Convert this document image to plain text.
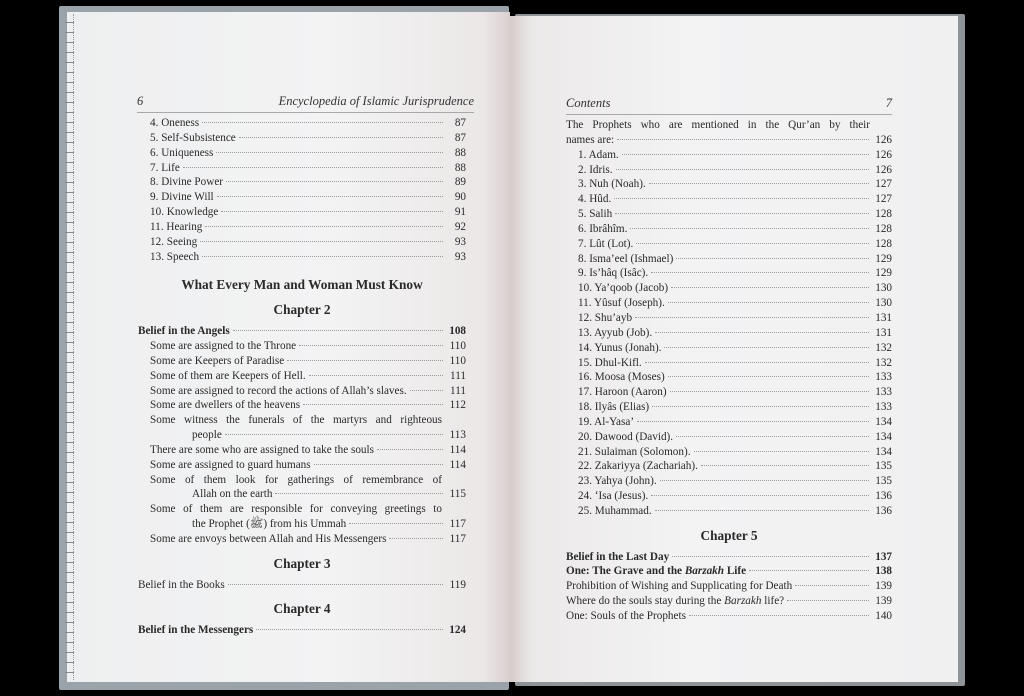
6	Encyclopedia of Islamic Jurisprudence
4. Oneness	87
5. Self-Subsistence	87
6. Uniqueness	88
7. Life	88
8. Divine Power	89
9. Divine Will	90
10. Knowledge	91
11. Hearing	92
12. Seeing	93
13. Speech	93
What Every Man and Woman Must Know
Chapter 2
Belief in the Angels	108
Some are assigned to the Throne	110
Some are Keepers of Paradise	110
Some of them are Keepers of Hell.	111
Some are assigned to record the actions of Allah’s slaves.	111
Some are dwellers of the heavens	112
Some witness the funerals of the martyrs and righteous
people	113
There are some who are assigned to take the souls	114
Some are assigned to guard humans	114
Some of them look for gatherings of remembrance of
Allah on the earth	115
Some of them are responsible for conveying greetings to
the Prophet (ﷺ) from his Ummah	117
Some are envoys between Allah and His Messengers	117
Chapter 3
Belief in the Books	119
Chapter 4
Belief in the Messengers	124
Contents	7
The Prophets who are mentioned in the Qur’an by their
names are:	126
1. Adam.	126
2. Idris.	126
3. Nuh (Noah).	127
4. Hûd.	127
5. Salih	128
6. Ibrâhîm.	128
7. Lût (Lot).	128
8. Isma’eel (Ishmael)	129
9. Is’hâq (Isâc).	129
10. Ya’qoob (Jacob)	130
11. Yûsuf (Joseph).	130
12. Shu’ayb	131
13. Ayyub (Job).	131
14. Yunus (Jonah).	132
15. Dhul-Kifl.	132
16. Moosa (Moses)	133
17. Haroon (Aaron)	133
18. Ilyâs (Elias)	133
19. Al-Yasa’	134
20. Dawood (David).	134
21. Sulaiman (Solomon).	134
22. Zakariyya (Zachariah).	135
23. Yahya (John).	135
24. ‘Isa (Jesus).	136
25. Muhammad.	136
Chapter 5
Belief in the Last Day	137
One: The Grave and the Barzakh Life	138
Prohibition of Wishing and Supplicating for Death	139
Where do the souls stay during the Barzakh life?	139
One: Souls of the Prophets	140
